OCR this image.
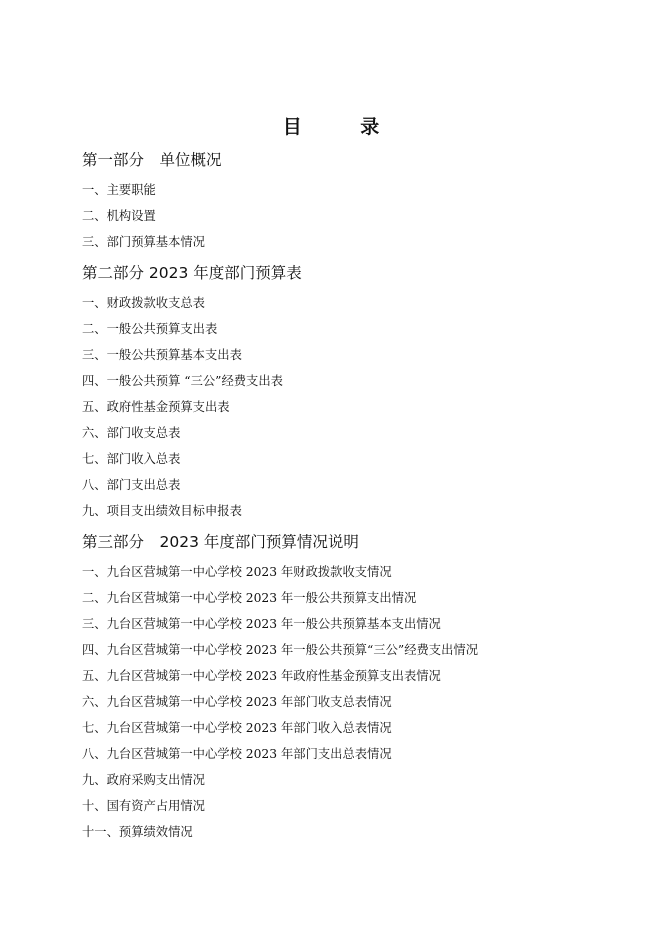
目 录
第一部分　单位概况
一、主要职能
二、机构设置
三、部门预算基本情况
第二部分 2023 年度部门预算表
一、财政拨款收支总表
二、一般公共预算支出表
三、一般公共预算基本支出表
四、一般公共预算 “三公”经费支出表
五、政府性基金预算支出表
六、部门收支总表
七、部门收入总表
八、部门支出总表
九、项目支出绩效目标申报表
第三部分　2023 年度部门预算情况说明
一、九台区营城第一中心学校 2023 年财政拨款收支情况
二、九台区营城第一中心学校 2023 年一般公共预算支出情况
三、九台区营城第一中心学校 2023 年一般公共预算基本支出情况
四、九台区营城第一中心学校 2023 年一般公共预算“三公”经费支出情况
五、九台区营城第一中心学校 2023 年政府性基金预算支出表情况
六、九台区营城第一中心学校 2023 年部门收支总表情况
七、九台区营城第一中心学校 2023 年部门收入总表情况
八、九台区营城第一中心学校 2023 年部门支出总表情况
九、政府采购支出情况
十、国有资产占用情况
十一、预算绩效情况
